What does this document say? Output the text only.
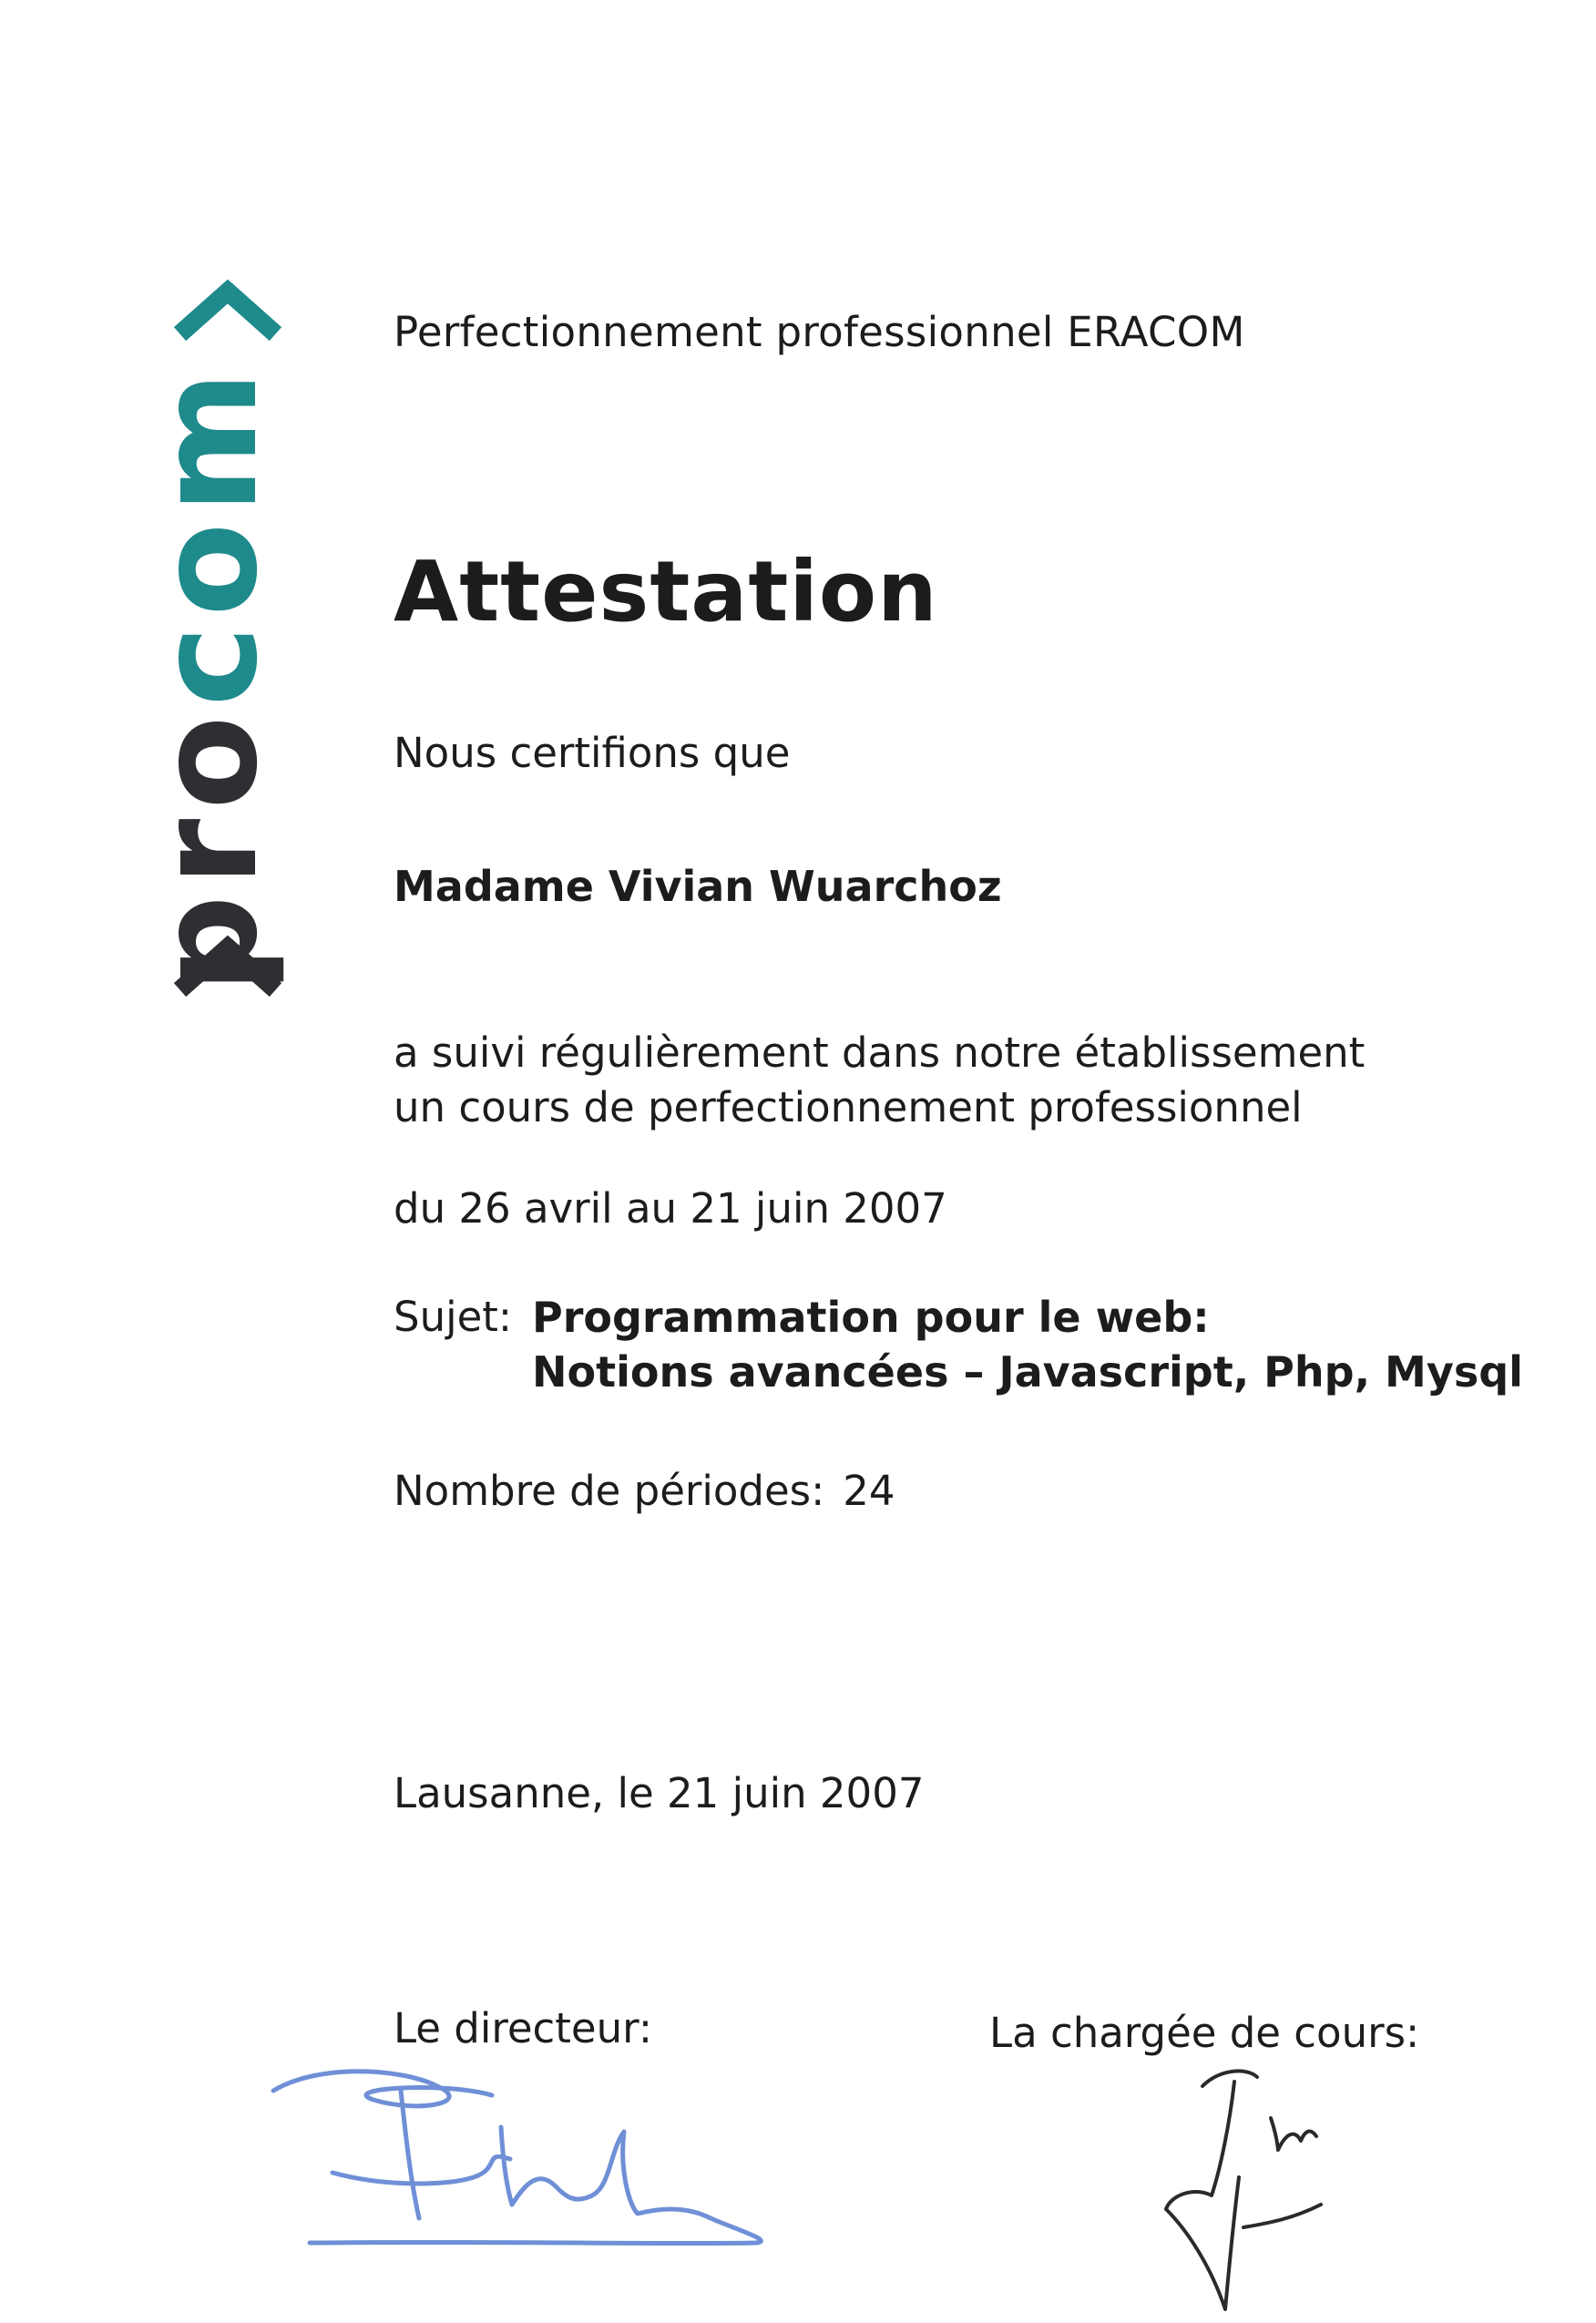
procom

Perfectionnement professionnel ERACOM

Attestation

Nous certifions que

Madame Vivian Wuarchoz

a suivi régulièrement dans notre établissement
un cours de perfectionnement professionnel

du 26 avril au 21 juin 2007

Sujet: Programmation pour le web:
Notions avancées – Javascript, Php, Mysql

Nombre de périodes: 24

Lausanne, le 21 juin 2007

Le directeur:	La chargée de cours:
